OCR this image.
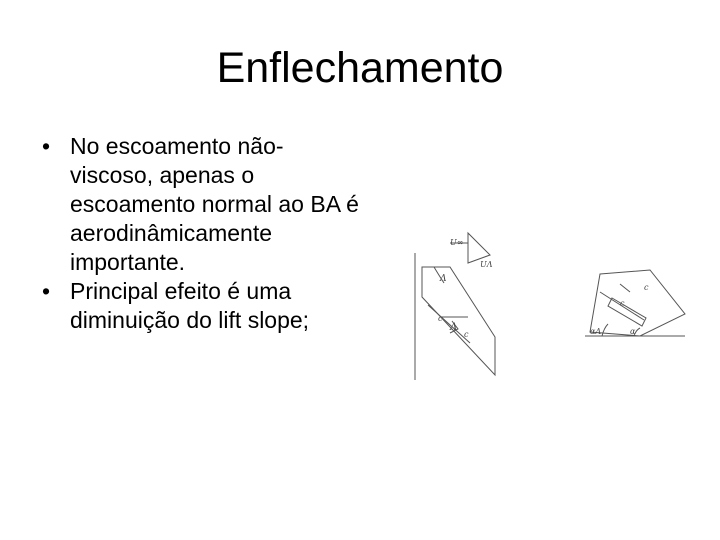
Enflechamento
• No escoamento não-viscoso, apenas o escoamento normal ao BA é aerodinâmicamente importante.
• Principal efeito é uma diminuição do lift slope;
U∞
UΛ
Λ
c
Λ
c
c
c
αΛ	α
